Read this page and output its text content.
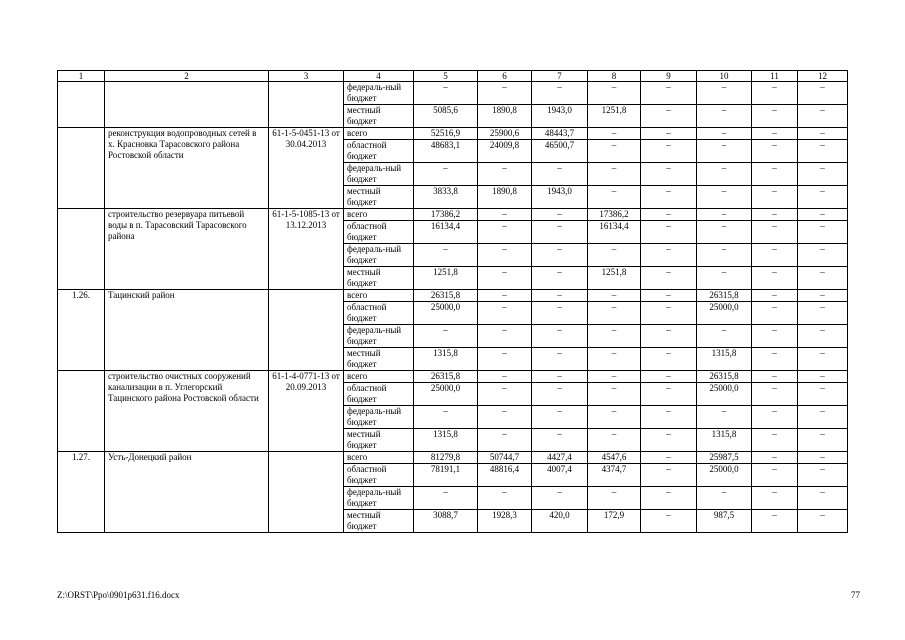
1	2	3	4	5	6	7	8	9	10	11	12
			федераль-ный бюджет	–	–	–	–	–	–	–	–
			местный бюджет	5085,6	1890,8	1943,0	1251,8	–	–	–	–
	реконструкция водопроводных сетей в х. Красновка Тарасовского района Ростовской области	61-1-5-0451-13 от 30.04.2013	всего	52516,9	25900,6	48443,7	–	–	–	–	–
			областной бюджет	48683,1	24009,8	46500,7	–	–	–	–	–
			федераль-ный бюджет	–	–	–	–	–	–	–	–
			местный бюджет	3833,8	1890,8	1943,0	–	–	–	–	–
	строительство резервуара питьевой воды в п. Тарасовский Тарасовского района	61-1-5-1085-13 от 13.12.2013	всего	17386,2	–	–	17386,2	–	–	–	–
			областной бюджет	16134,4	–	–	16134,4	–	–	–	–
			федераль-ный бюджет	–	–	–	–	–	–	–	–
			местный бюджет	1251,8	–	–	1251,8	–	–	–	–
1.26.	Тацинский район		всего	26315,8	–	–	–	–	26315,8	–	–
			областной бюджет	25000,0	–	–	–	–	25000,0	–	–
			федераль-ный бюджет	–	–	–	–	–	–	–	–
			местный бюджет	1315,8	–	–	–	–	1315,8	–	–
	строительство очистных сооружений канализации в п. Углегорский Тацинского района Ростовской области	61-1-4-0771-13 от 20.09.2013	всего	26315,8	–	–	–	–	26315,8	–	–
			областной бюджет	25000,0	–	–	–	–	25000,0	–	–
			федераль-ный бюджет	–	–	–	–	–	–	–	–
			местный бюджет	1315,8	–	–	–	–	1315,8	–	–
1.27.	Усть-Донецкий район		всего	81279,8	50744,7	4427,4	4547,6	–	25987,5	–	–
			областной бюджет	78191,1	48816,4	4007,4	4374,7	–	25000,0	–	–
			федераль-ный бюджет	–	–	–	–	–	–	–	–
			местный бюджет	3088,7	1928,3	420,0	172,9	–	987,5	–	–
Z:\ORST\Ppo\0901p631.f16.docx	77
